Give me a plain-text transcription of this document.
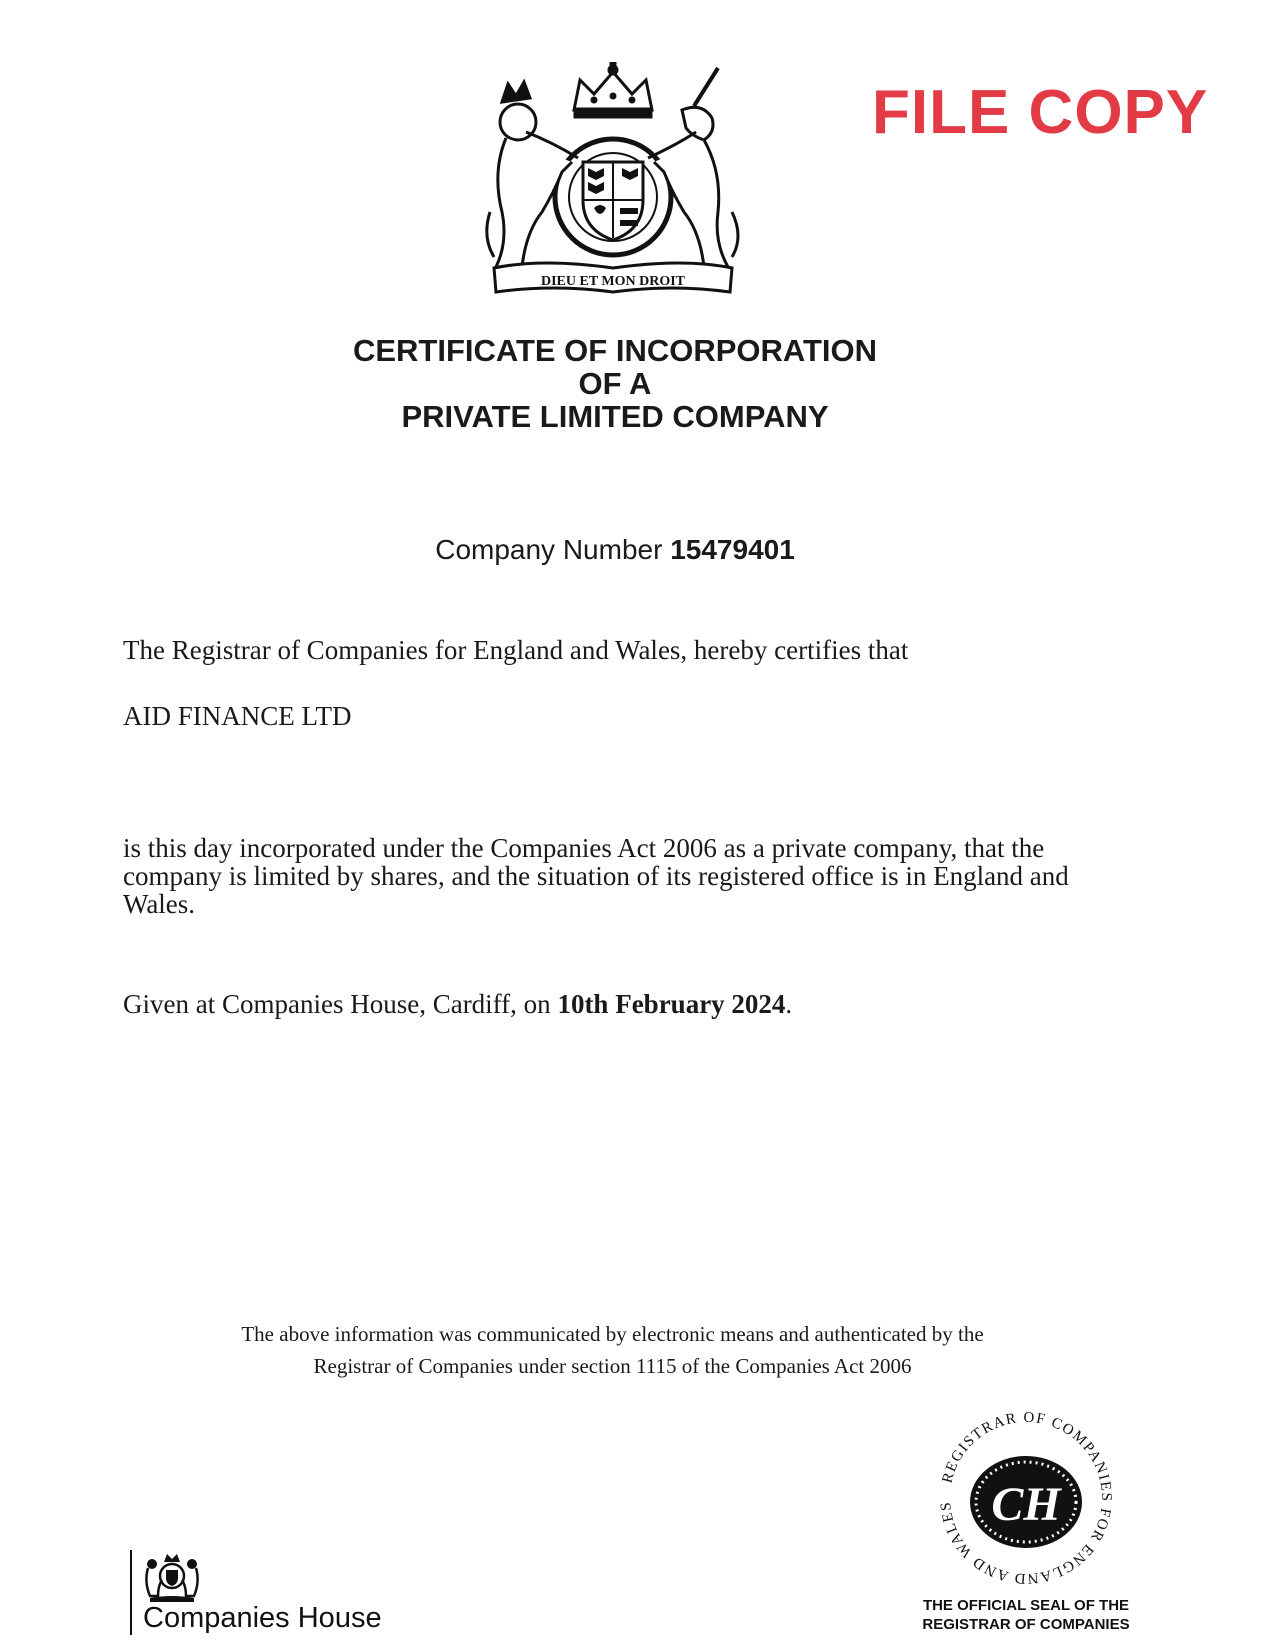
DIEU ET MON DROIT
FILE COPY
CERTIFICATE OF INCORPORATION
OF A
PRIVATE LIMITED COMPANY
Company Number 15479401
The Registrar of Companies for England and Wales, hereby certifies that
AID FINANCE LTD
is this day incorporated under the Companies Act 2006 as a private company, that the company is limited by shares, and the situation of its registered office is in England and Wales.
Given at Companies House, Cardiff, on 10th February 2024.
The above information was communicated by electronic means and authenticated by the
Registrar of Companies under section 1115 of the Companies Act 2006
REGISTRAR OF COMPANIES FOR ENGLAND AND WALES CH
THE OFFICIAL SEAL OF THE
REGISTRAR OF COMPANIES
Companies House
